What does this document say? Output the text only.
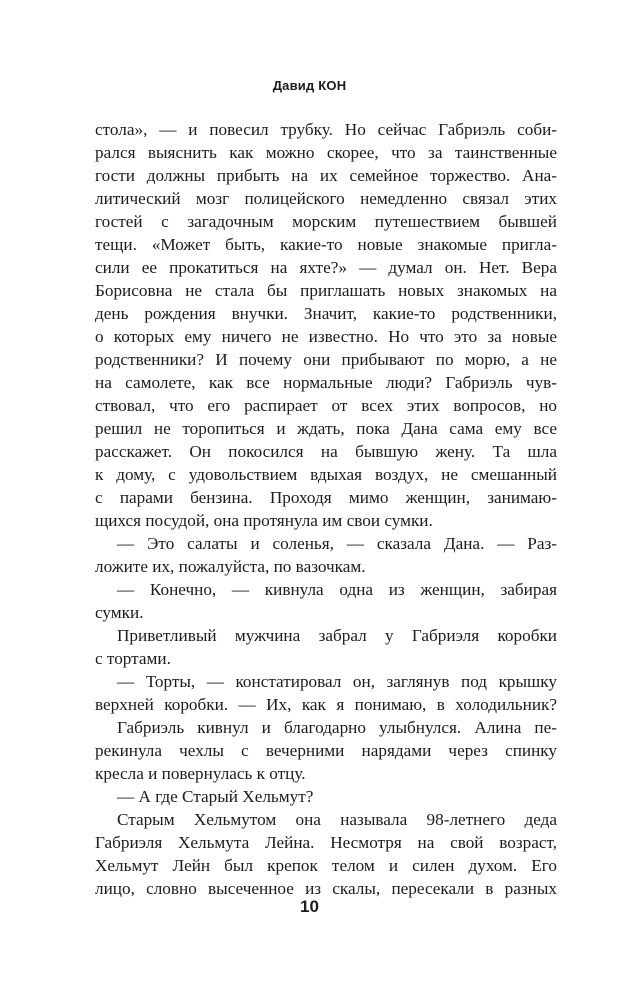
Давид КОН
стола», — и повесил трубку. Но сейчас Габриэль соби-
рался выяснить как можно скорее, что за таинственные
гости должны прибыть на их семейное торжество. Ана-
литический мозг полицейского немедленно связал этих
гостей с загадочным морским путешествием бывшей
тещи. «Может быть, какие-то новые знакомые пригла-
сили ее прокатиться на яхте?» — думал он. Нет. Вера
Борисовна не стала бы приглашать новых знакомых на
день рождения внучки. Значит, какие-то родственники,
о которых ему ничего не известно. Но что это за новые
родственники? И почему они прибывают по морю, а не
на самолете, как все нормальные люди? Габриэль чув-
ствовал, что его распирает от всех этих вопросов, но
решил не торопиться и ждать, пока Дана сама ему все
расскажет. Он покосился на бывшую жену. Та шла
к дому, с удовольствием вдыхая воздух, не смешанный
с парами бензина. Проходя мимо женщин, занимаю-
щихся посудой, она протянула им свои сумки.
— Это салаты и соленья, — сказала Дана. — Раз-
ложите их, пожалуйста, по вазочкам.
— Конечно, — кивнула одна из женщин, забирая
сумки.
Приветливый мужчина забрал у Габриэля коробки
с тортами.
— Торты, — констатировал он, заглянув под крышку
верхней коробки. — Их, как я понимаю, в холодильник?
Габриэль кивнул и благодарно улыбнулся. Алина пе-
рекинула чехлы с вечерними нарядами через спинку
кресла и повернулась к отцу.
— А где Старый Хельмут?
Старым Хельмутом она называла 98-летнего деда
Габриэля Хельмута Лейна. Несмотря на свой возраст,
Хельмут Лейн был крепок телом и силен духом. Его
лицо, словно высеченное из скалы, пересекали в разных
10
